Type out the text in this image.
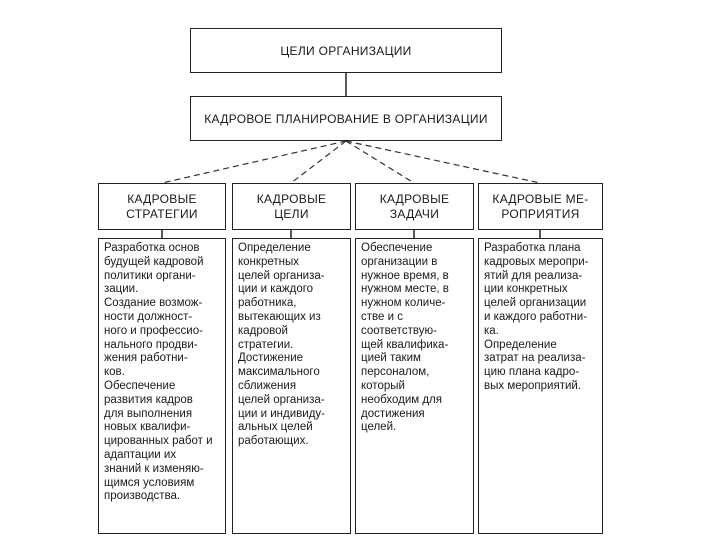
ЦЕЛИ ОРГАНИЗАЦИИ
КАДРОВОЕ ПЛАНИРОВАНИЕ В ОРГАНИЗАЦИИ
КАДРОВЫЕ
СТРАТЕГИИ
КАДРОВЫЕ
ЦЕЛИ
КАДРОВЫЕ
ЗАДАЧИ
КАДРОВЫЕ МЕ-
РОПРИЯТИЯ
Разработка основ
будущей кадровой
политики органи-
зации.
Создание возмож-
ности должност-
ного и профессио-
нального продви-
жения работни-
ков.
Обеспечение
развития кадров
для выполнения
новых квалифи-
цированных работ и
адаптации их
знаний к изменяю-
щимся условиям
производства.
Определение
конкретных
целей организа-
ции и каждого
работника,
вытекающих из
кадровой
стратегии.
Достижение
максимального
сближения
целей организа-
ции и индивиду-
альных целей
работающих.
Обеспечение
организации в
нужное время, в
нужном месте, в
нужном количе-
стве и с
соответствую-
щей квалифика-
цией таким
персоналом,
который
необходим для
достижения
целей.
Разработка плана
кадровых меропри-
ятий для реализа-
ции конкретных
целей организации
и каждого работни-
ка.
Определение
затрат на реализа-
цию плана кадро-
вых мероприятий.
